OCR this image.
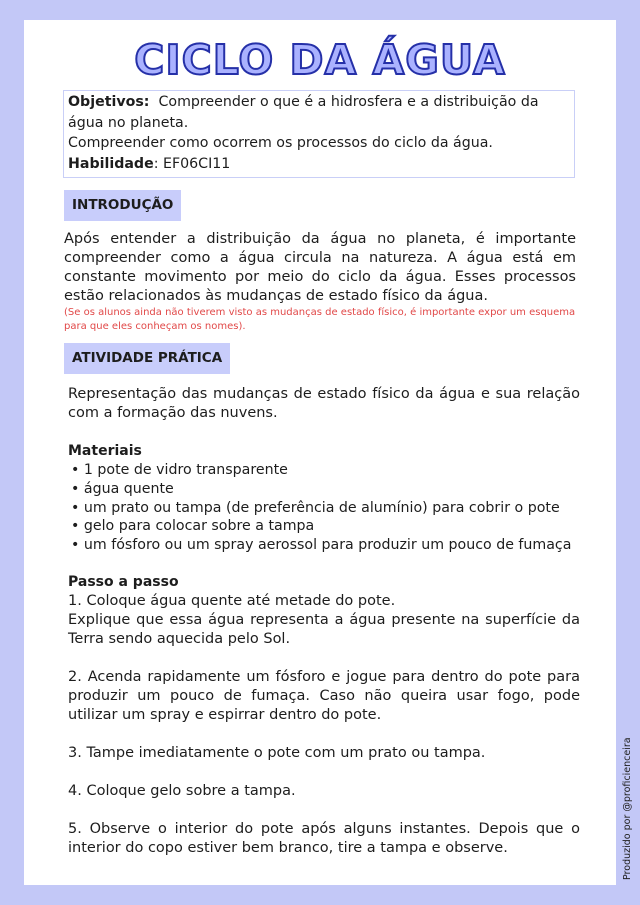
CICLO DA ÁGUA
Objetivos: Compreender o que é a hidrosfera e a distribuição da água no planeta.
Compreender como ocorrem os processos do ciclo da água.
Habilidade: EF06CI11
INTRODUÇÃO
Após entender a distribuição da água no planeta, é importante compreender como a água circula na natureza. A água está em constante movimento por meio do ciclo da água. Esses processos estão relacionados às mudanças de estado físico da água.
(Se os alunos ainda não tiverem visto as mudanças de estado físico, é importante expor um esquema para que eles conheçam os nomes).
ATIVIDADE PRÁTICA
Representação das mudanças de estado físico da água e sua relação com a formação das nuvens.
Materiais
• 1 pote de vidro transparente
• água quente
• um prato ou tampa (de preferência de alumínio) para cobrir o pote
• gelo para colocar sobre a tampa
• um fósforo ou um spray aerossol para produzir um pouco de fumaça
Passo a passo

1. Coloque água quente até metade do pote.

Explique que essa água representa a água presente na superfície da Terra sendo aquecida pelo Sol.

2. Acenda rapidamente um fósforo e jogue para dentro do pote para produzir um pouco de fumaça. Caso não queira usar fogo, pode utilizar um spray e espirrar dentro do pote.

3. Tampe imediatamente o pote com um prato ou tampa.

4. Coloque gelo sobre a tampa.

5. Observe o interior do pote após alguns instantes. Depois que o interior do copo estiver bem branco, tire a tampa e observe.	Produzido por @proficienceira
